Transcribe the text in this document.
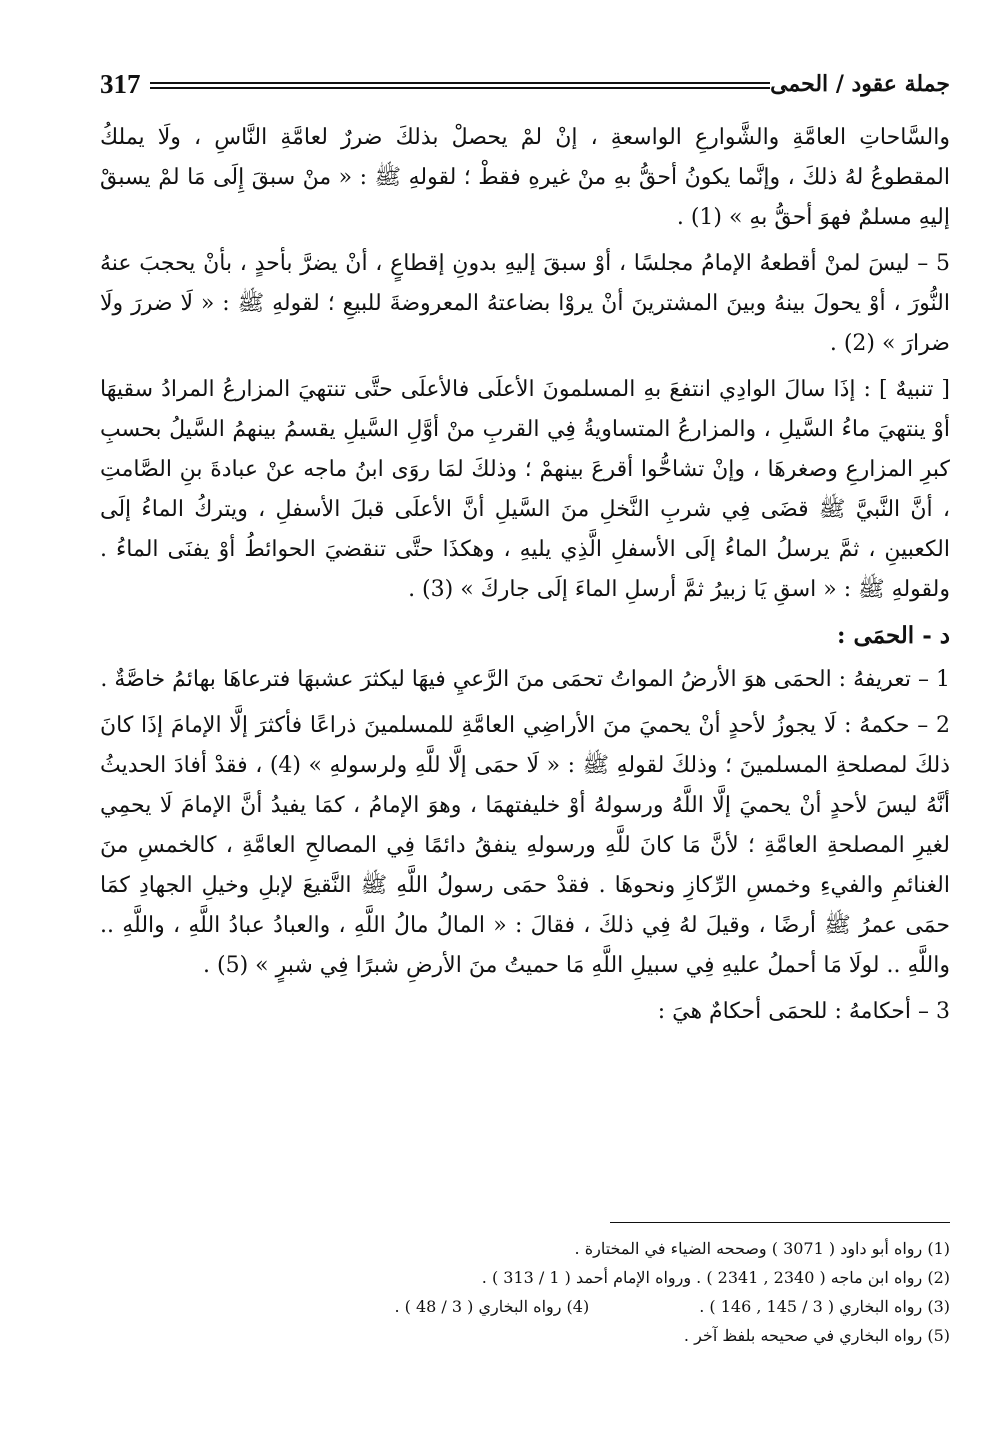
317	جملة عقود / الحمى

والسَّاحاتِ العامَّةِ والشَّوارعِ الواسعةِ ، إنْ لمْ يحصلْ بذلكَ ضررٌ لعامَّةِ النَّاسِ ، ولَا يملكُ المقطوعُ لهُ ذلكَ ، وإنَّما يكونُ أحقُّ بهِ منْ غيرهِ فقطْ ؛ لقولهِ ﷺ : « منْ سبقَ إِلَى مَا لمْ يسبقْ إليهِ مسلمٌ فهوَ أحقُّ بهِ » (1) .

5 – ليسَ لمنْ أقطعهُ الإمامُ مجلسًا ، أوْ سبقَ إليهِ بدونِ إقطاعٍ ، أنْ يضرَّ بأحدٍ ، بأنْ يحجبَ عنهُ النُّورَ ، أوْ يحولَ بينهُ وبينَ المشترينَ أنْ يروْا بضاعتهُ المعروضةَ للبيعِ ؛ لقولهِ ﷺ : « لَا ضررَ ولَا ضرارَ » (2) .

[ تنبيهٌ ] : إذَا سالَ الوادِي انتفعَ بهِ المسلمونَ الأعلَى فالأعلَى حتَّى تنتهيَ المزارعُ المرادُ سقيهَا أوْ ينتهيَ ماءُ السَّيلِ ، والمزارعُ المتساويةُ فِي القربِ منْ أوَّلِ السَّيلِ يقسمُ بينهمُ السَّيلُ بحسبِ كبرِ المزارعِ وصغرهَا ، وإنْ تشاحُّوا أقرعَ بينهمْ ؛ وذلكَ لمَا روَى ابنُ ماجه عنْ عبادةَ بنِ الصَّامتِ ، أنَّ النَّبيَّ ﷺ قضَى فِي شربِ النَّخلِ منَ السَّيلِ أنَّ الأعلَى قبلَ الأسفلِ ، ويتركُ الماءُ إلَى الكعبينِ ، ثمَّ يرسلُ الماءُ إلَى الأسفلِ الَّذِي يليهِ ، وهكذَا حتَّى تنقضيَ الحوائطُ أوْ يفنَى الماءُ . ولقولهِ ﷺ : « اسقِ يَا زبيرُ ثمَّ أرسلِ الماءَ إلَى جاركَ » (3) .

د - الحمَى :

1 – تعريفهُ : الحمَى هوَ الأرضُ المواتُ تحمَى منَ الرَّعيِ فيهَا ليكثرَ عشبهَا فترعاهَا بهائمُ خاصَّةٌ .

2 – حكمهُ : لَا يجوزُ لأحدٍ أنْ يحميَ منَ الأراضِي العامَّةِ للمسلمينَ ذراعًا فأكثرَ إلَّا الإمامَ إذَا كانَ ذلكَ لمصلحةِ المسلمينَ ؛ وذلكَ لقولهِ ﷺ : « لَا حمَى إلَّا للَّهِ ولرسولهِ » (4) ، فقدْ أفادَ الحديثُ أنَّهُ ليسَ لأحدٍ أنْ يحميَ إلَّا اللَّهُ ورسولهُ أوْ خليفتهمَا ، وهوَ الإمامُ ، كمَا يفيدُ أنَّ الإمامَ لَا يحمِي لغيرِ المصلحةِ العامَّةِ ؛ لأنَّ مَا كانَ للَّهِ ورسولهِ ينفقُ دائمًا فِي المصالحِ العامَّةِ ، كالخمسِ منَ الغنائمِ والفيءِ وخمسِ الرِّكازِ ونحوهَا . فقدْ حمَى رسولُ اللَّهِ ﷺ النَّقيعَ لإبلِ وخيلِ الجهادِ كمَا حمَى عمرُ ﷺ أرضًا ، وقيلَ لهُ فِي ذلكَ ، فقالَ : « المالُ مالُ اللَّهِ ، والعبادُ عبادُ اللَّهِ ، واللَّهِ .. واللَّهِ .. لولَا مَا أحملُ عليهِ فِي سبيلِ اللَّهِ مَا حميتُ منَ الأرضِ شبرًا فِي شبرٍ » (5) .

3 – أحكامهُ : للحمَى أحكامٌ هيَ :

(1) رواه أبو داود ( 3071 ) وصححه الضياء في المختارة .
(2) رواه ابن ماجه ( 2340 , 2341 ) . ورواه الإمام أحمد ( 1 / 313 ) .
(3) رواه البخاري ( 3 / 145 , 146 ) .
(4) رواه البخاري ( 3 / 48 ) .
(5) رواه البخاري في صحيحه بلفظ آخر .
